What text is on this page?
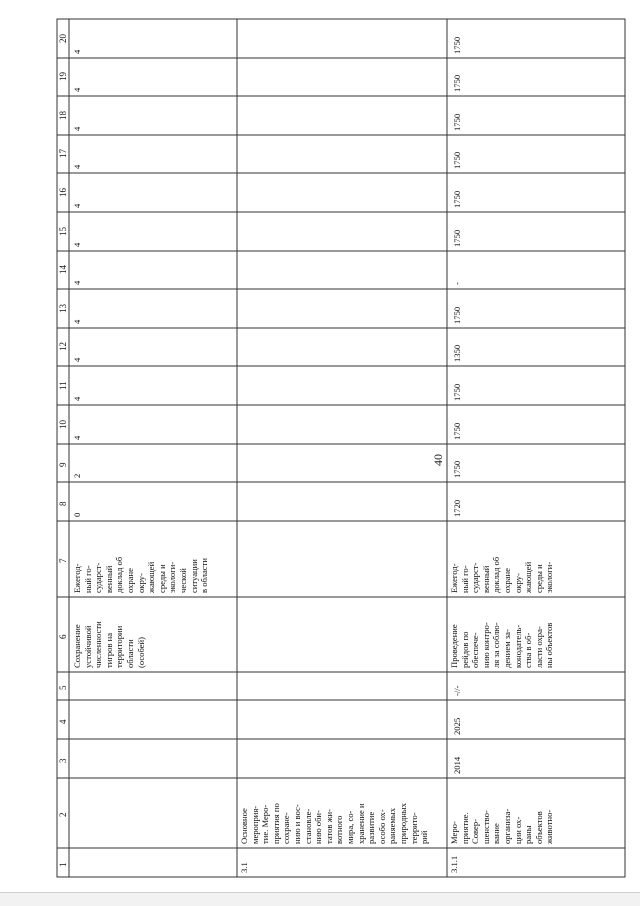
40
1
2
3
4
5
6
7
8
9
10
11
12
13
14
15
16
17
18
19
20
Сохранение устойчивой численности тигров на территории области (особей)
Ежегод- ный го- сударст- венный доклад об охране окру- жающей среды и экологи- ческой ситуации в области
0
2
4
4
4
4
4
4
4
4
4
4
4
3.1
Основное мероприя- тие. Меро- приятия по сохране- нию и вос- становле- нию оби- татов жи- вотного мира, со- хранение и развитие особо ох- раняемых природных террито- рий
3.1.1
Меро- приятие. Совер- шенство- вание организа- ции ох- раны объектов животно-
2014
2025
-//-
Проведение рейдов по обеспече- нию контро- ля за соблю- дением за- конодатель- ства в об- ласти охра- ны объектов
Ежегод- ный го- сударст- венный доклад об охране окру- жающей среды и экологи-
1720
1750
1750
1750
1350
1750
-
1750
1750
1750
1750
1750
1750
